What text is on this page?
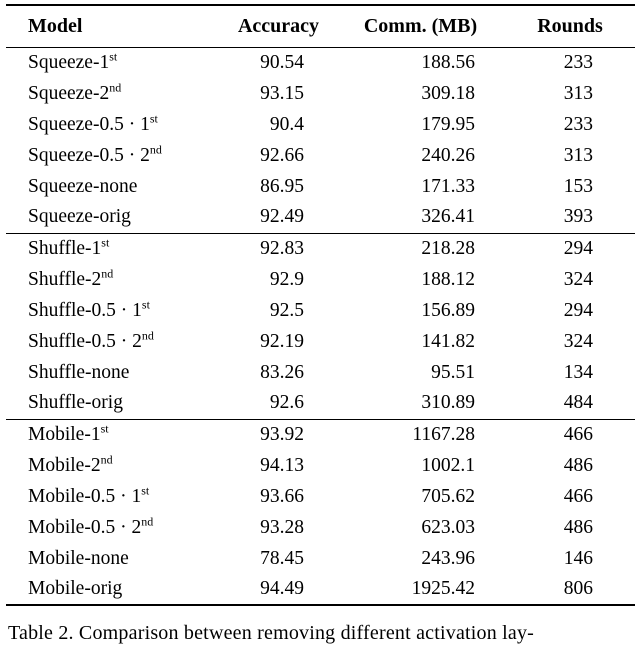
Model	Accuracy	Comm. (MB)	Rounds
Squeeze-1st	90.54	188.56	233
Squeeze-2nd	93.15	309.18	313
Squeeze-0.5 · 1st	90.4	179.95	233
Squeeze-0.5 · 2nd	92.66	240.26	313
Squeeze-none	86.95	171.33	153
Squeeze-orig	92.49	326.41	393
Shuffle-1st	92.83	218.28	294
Shuffle-2nd	92.9	188.12	324
Shuffle-0.5 · 1st	92.5	156.89	294
Shuffle-0.5 · 2nd	92.19	141.82	324
Shuffle-none	83.26	95.51	134
Shuffle-orig	92.6	310.89	484
Mobile-1st	93.92	1167.28	466
Mobile-2nd	94.13	1002.1	486
Mobile-0.5 · 1st	93.66	705.62	466
Mobile-0.5 · 2nd	93.28	623.03	486
Mobile-none	78.45	243.96	146
Mobile-orig	94.49	1925.42	806
Table 2. Comparison between removing different activation lay-
